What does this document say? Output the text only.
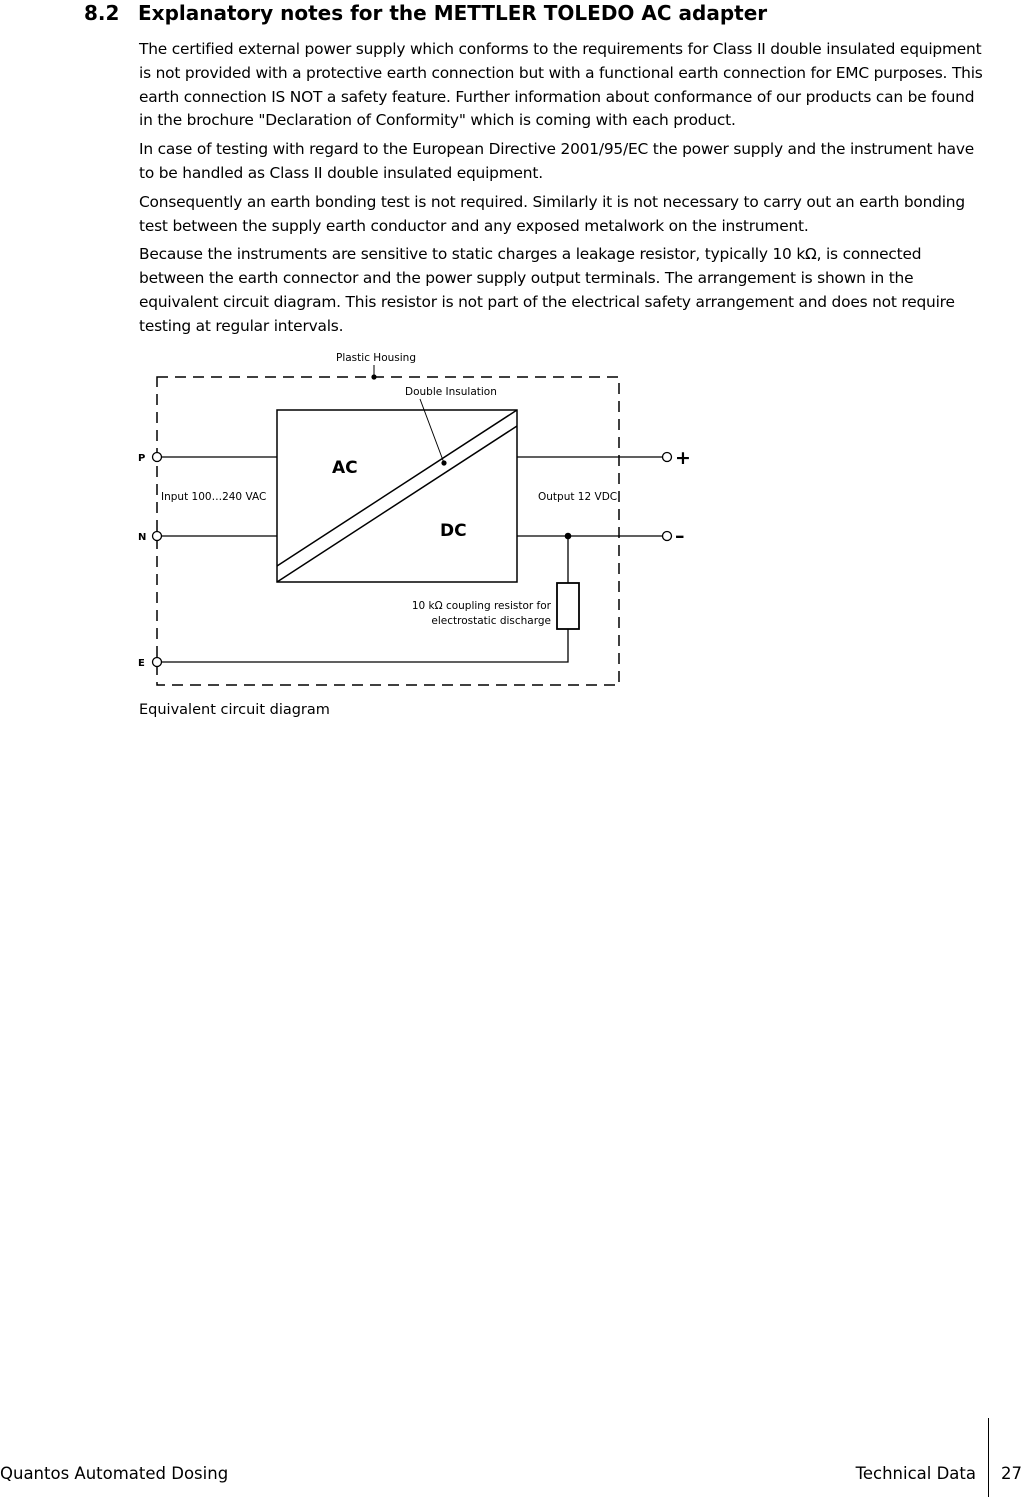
8.2 Explanatory notes for the METTLER TOLEDO AC adapter

The certified external power supply which conforms to the requirements for Class II double insulated equipment is not provided with a protective earth connection but with a functional earth connection for EMC purposes. This earth connection IS NOT a safety feature. Further information about conformance of our products can be found in the brochure "Declaration of Conformity" which is coming with each product.

In case of testing with regard to the European Directive 2001/95/EC the power supply and the instrument have to be handled as Class II double insulated equipment.

Consequently an earth bonding test is not required. Similarly it is not necessary to carry out an earth bonding test between the supply earth conductor and any exposed metalwork on the instrument.

Because the instruments are sensitive to static charges a leakage resistor, typically 10 kΩ, is connected between the earth connector and the power supply output terminals. The arrangement is shown in the equivalent circuit diagram. This resistor is not part of the electrical safety arrangement and does not require testing at regular intervals.

Plastic Housing
Double Insulation
AC
DC
P
N
E
Input 100…240 VAC	Output 12 VDC
+
–
10 kΩ coupling resistor for
electrostatic discharge
Equivalent circuit diagram
Quantos Automated Dosing	Technical Data 27
